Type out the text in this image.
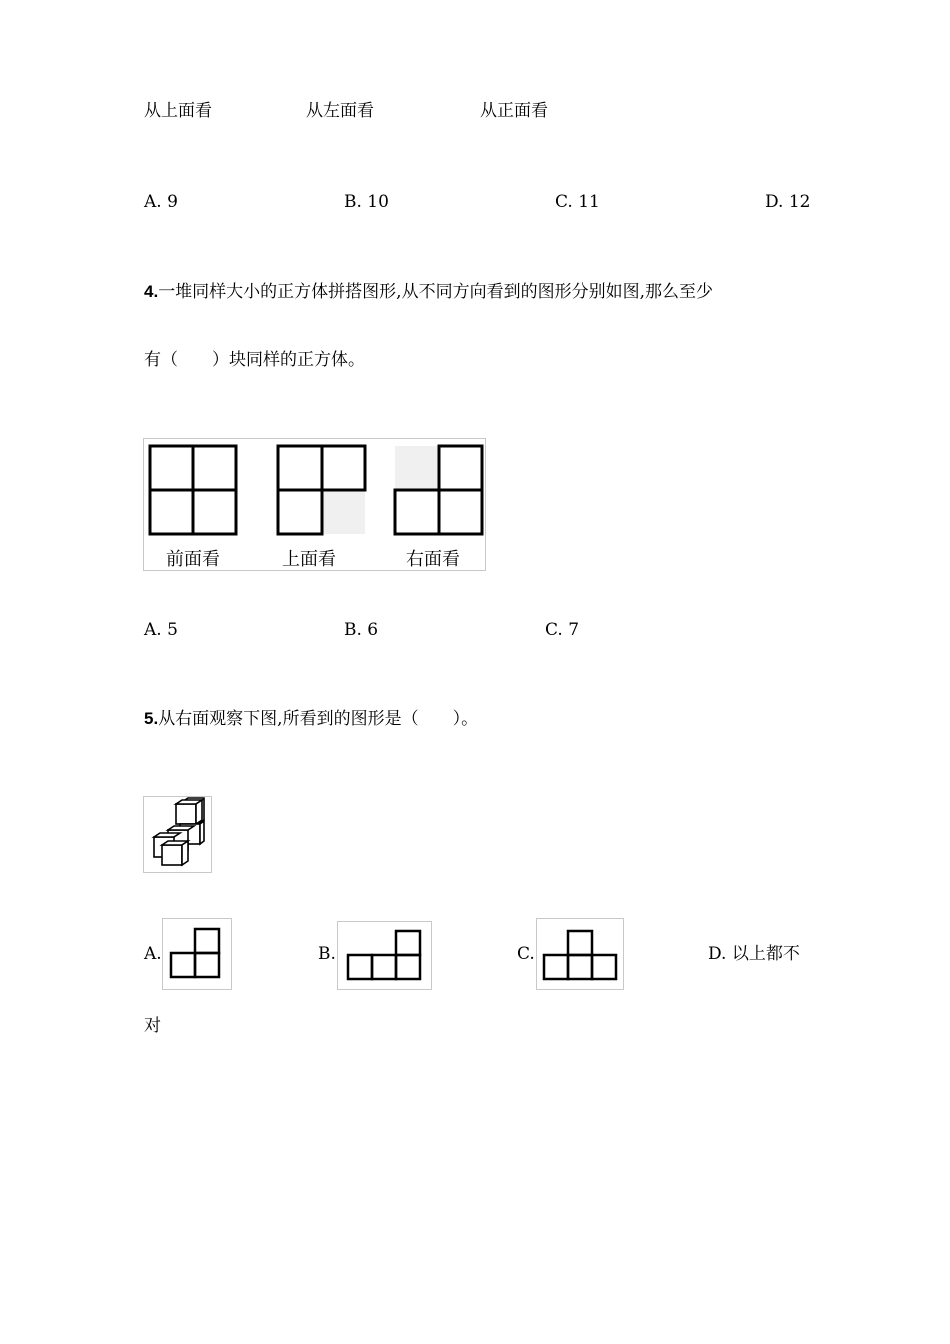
从上面看	从左面看	从正面看
A. 9	B. 10	C. 11	D. 12
4.一堆同样大小的正方体拼搭图形,从不同方向看到的图形分别如图,那么至少
有（　　）块同样的正方体。
前面看	上面看	右面看
A. 5	B. 6	C. 7
5.从右面观察下图,所看到的图形是（　　）。
A.	B.	C.	D. 以上都不
对
